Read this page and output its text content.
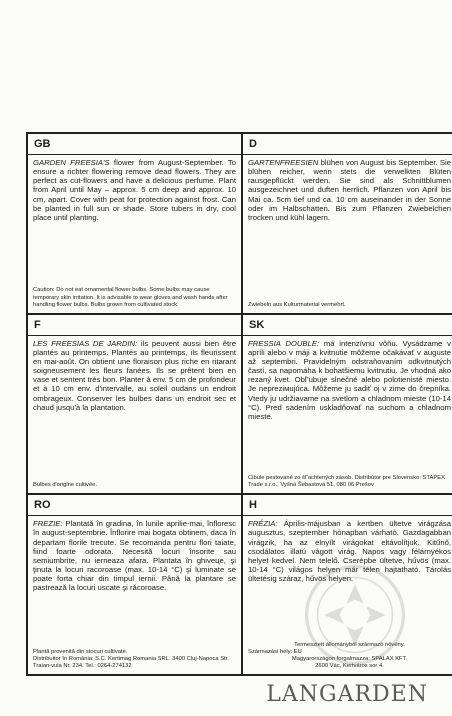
GB
GARDEN FREESIA'S flower from August-September. To ensure a richter flowering remove dead flowers. They are perfect as cut-flowers and have a delicious perfume. Plant from April until May – approx. 5 cm deep and approx. 10 cm, apart. Cover with peat for protection against frost. Can be planted in full sun or shade. Store tubers in dry, cool place until planting.
Caution: Do not eat ornamental flower bulbs. Some bulbs may cause temporary skin irritation. It is advisable to wear gloves and wash hands after handling flower bulbs. Bulbs grown from cultivated stock.
D
GARTENFREESIEN blühen von August bis September. Sie blühen reicher, wenn stets die verwelkten Blüten rausgepflückt werden. Sie sind als Schnittblumen ausgezeichnet und duften herrlich. Pflanzen von April bis Mai ca. 5cm tief und ca. 10 cm auseinander in der Sonne oder im Halbschatten. Bis zum Pflanzen Zwiebelchen trocken und kühl lagern.
Zwiebeln aus Kulturmaterial vermehrt.
F
LES FREESIAS DE JARDIN: ils peuvent aussi bien être plantés au printemps. Plantés au printemps, ils fleurissent en mai-août. On obtient une floraison plus riche en ritarant soigneusement les fleurs fanées. Ils se prêtent bien en vase et sentent très bon. Planter à env. 5 cm de profondeur et à 10 cm env. d'intervalle, au soleil oudans un endroit ombrageux. Conserver les bulbes dans un endroit sec et chaud jusqu'à la plantation.
Bulbes d'origine cultivée.
SK
FRESSIA DOUBLE: má intenzívnu vôňu. Vysádzame v apríli alebo v máji a kvitnutie môžeme očakávať v auguste až septembri. Pravidelným odstraňovaním odkvitnutých častí, sa napomáha k bohatšiemu kvitnutiu. Je vhodná ako rezaný kvet. Obľ'ubuje slnečné alebo polotienisté miesto. Je nepreziмujúca. Môžeme ju sadiť oj v zime do črepníka. Vtedy ju udržiavame na svetlom a chladnom mieste (10-14 °C). Pred sadením uskladňovať na suchom a chladnom mieste.
Cibule pestované zo šľ'achtených zásob. Distribútor pre Slovensko: STAPEX Trade s.r.o., Vyšná Šebastová 51, 080 06 Prešov
RO
FREZIE: Plantată în gradina, în lunile aprilie-mai, înfloresc în august-septembrie. Înflorire mai bogata obtinem, daca în departam florile trecute. Se recomanda pentru flori taiate, fiind foarte odorata. Necesită locuri însorite sau semiumbrite, nu ierneaza afara. Plantata în ghiveце, şi ţinuta la locuri racoroase (max. 10-14 °C) şi luminate se poate forta chiar din timpul iernii. Până la plantare se pastrează la locuri uscate şi răcoroase.
Plantă provenită din stocuri cultivate.
Distribuitor în România: S.C. Kertimag Romania SRL. 3400 Cluj-Napoca Str. Traian-vuia Nr. 234. Tel.: 0264-274132
H
FRÉZIA: Április-májusban a kertben ültetve virágzása augusztus, szeptember hónapban várható. Gazdagabban virágzik, ha az elnyílt virágokat eltávolítjuk. Kitűnő, csodálatos illatú vágott virág. Napos vagy félárnyékos helyet kedvel. Nem telelő. Cserépbe ültetve, hűvös (max. 10-14 °C) világos helyen már télen hajtatható. Tárolás ültetésig száraz, hűvös helyen.
Termesztett állományból származó növény.
Származási hely: EU
Magyarországon forgalmazza: SPALAX KFT.
2600 Vác, Kertváros sor 4.
LANGARDEN
